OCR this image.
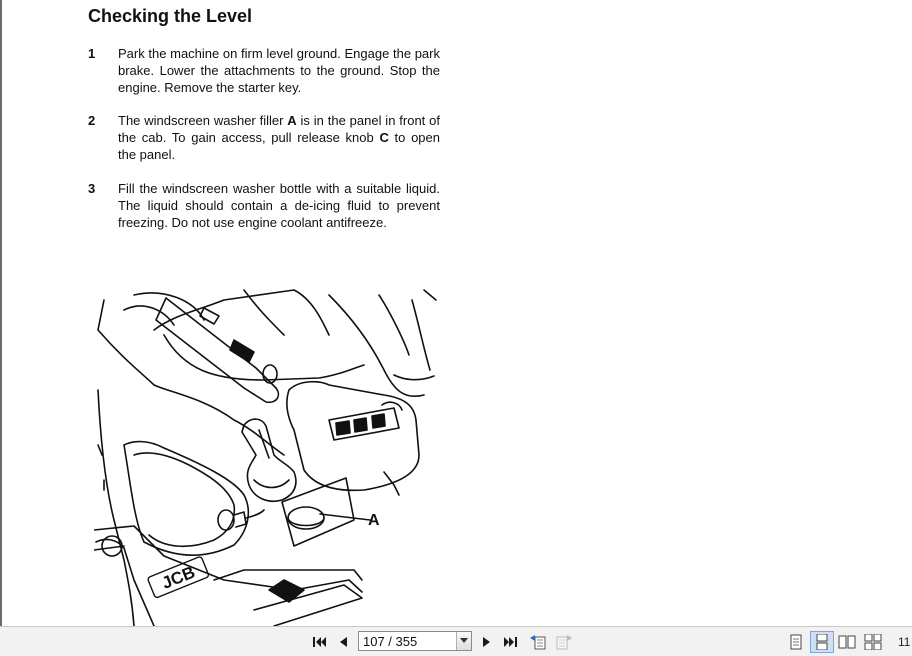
Checking the Level
1 Park the machine on firm level ground. Engage the park brake. Lower the attachments to the ground. Stop the engine. Remove the starter key.
2 The windscreen washer filler A is in the panel in front of the cab. To gain access, pull release knob C to open the panel.
3 Fill the windscreen washer bottle with a suitable liquid. The liquid should contain a de-icing fluid to prevent freezing. Do not use engine coolant antifreeze.
JCB
A
107 / 355
11
